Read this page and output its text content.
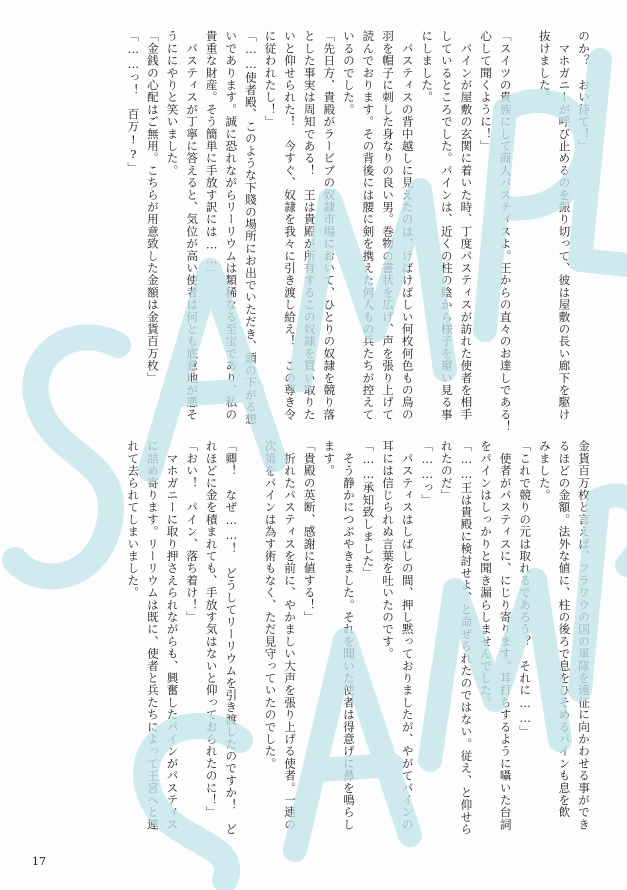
のか？　おい待て！」
　マホガニーが呼び止めるのを振り切って、彼は屋敷の長い廊下を駆け
抜けました。

「スイツの貴族にして商人パスティスよ。王からの直々のお達しである！
心して聞くように！」
　パインが屋敷の玄関に着いた時、丁度パスティスが訪れた使者を相手
しているところでした。パインは、近くの柱の陰から様子を窺い見る事
にしました。
　パスティスの背中越しに見えたのは、けばけばしい何枚何色もの鳥の
羽を帽子に刺した身なりの良い男。巻物の書状を広げ、声を張り上げて
読んでおります。その背後には腰に剣を携えた何人もの兵たちが控えて
いるのでした。
「先日方、貴殿がラービブの奴隷市場において、ひとりの奴隷を競り落
とした事実は周知である！　王は貴殿が所有するこの奴隷を買い取りた
いと仰せられた！　今すぐ、奴隷を我々に引き渡し給え！　この尊き令
に従われたし！」
「……使者殿、このような下賤の場所にお出でいただき、頭の下がる想
いであります。誠に恐れながらリーリウムは類稀なる至宝であり、私の
貴重な財産。そう簡単に手放す訳には……」
　パスティスが丁寧に答えると、気位が高い使者は何とも底意地が悪そ
うににやりと笑いました。
「金銭の心配はご無用。こちらが用意致した金額は金貨百万枚」
「……っ！　百万!?」
金貨百万枚と言えば、フラワウの国の軍隊を遠征に向かわせる事ができ
るほどの金額。法外な値に、柱の後ろで息をひそめるパインも息を飲
みました。
「これで競りの元は取れるであろう？　それに……」
　使者がパスティスに、にじり寄ります。耳打ちするように囁いた台詞
をパインはしっかりと聞き漏らしませんでした。
「……王は貴殿に検討せよ、と命ぜられたのではない。従え、と仰せら
れたのだ」
「……っ」
　パスティスはしばしの間、押し黙っておりましたが、やがてパインの
耳には信じられぬ言葉を吐いたのです。
「……承知致しました」
　そう静かにつぶやきました。それを聞いた使者は得意げに鼻を鳴らし
ます。
「貴殿の英断、感謝に値する！」
　折れたパスティスを前に、やかましい大声を張り上げる使者。一連の
次第をパインは為す術もなく、ただ見守っていたのでした。

「卿！　なぜ……！　どうしてリーリウムを引き渡したのですか！　ど
れほどに金を積まれても、手放す気はないと仰っておられたのに！」
「おい！　パイン、落ち着け！」
　マホガニーに取り押さえられながらも、興奮したパインがパスティス
に詰め寄ります。リーリウムは既に、使者と兵たちによって王宮へと連
れて去られてしまいました。
17
